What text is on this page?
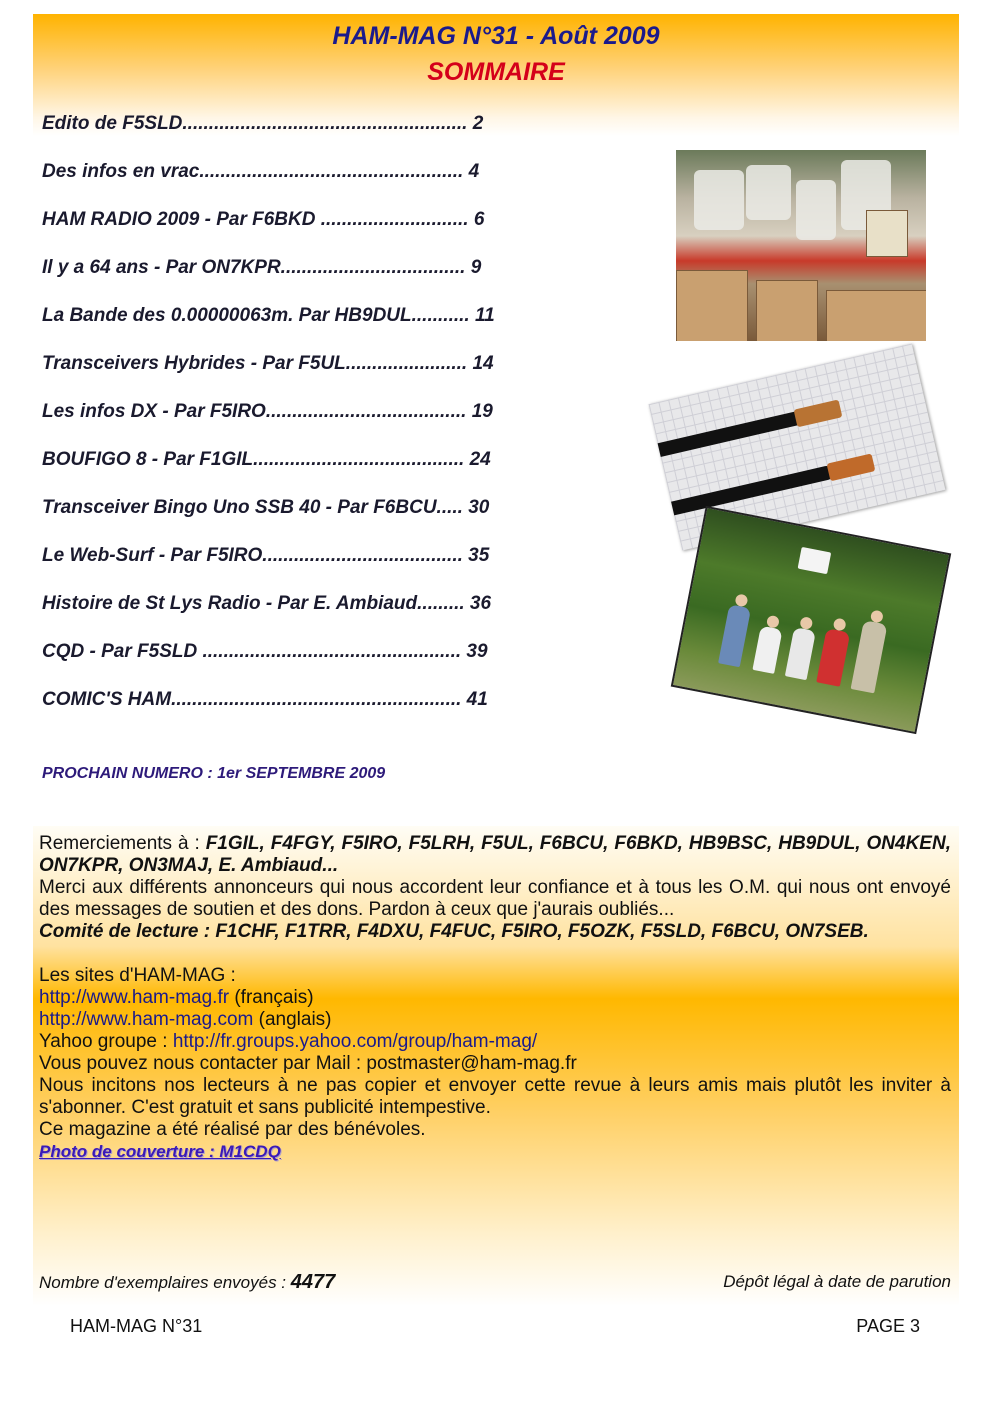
HAM-MAG N°31 - Août 2009
SOMMAIRE
Edito de F5SLD...................................................... 2
Des infos en vrac.................................................. 4
HAM RADIO 2009 - Par F6BKD ............................ 6
Il y a 64 ans - Par ON7KPR................................... 9
La Bande des 0.00000063m. Par HB9DUL........... 11
Transceivers Hybrides - Par F5UL....................... 14
Les infos DX - Par F5IRO...................................... 19
BOUFIGO 8 - Par F1GIL........................................ 24
Transceiver Bingo Uno SSB 40 - Par F6BCU..... 30
Le Web-Surf - Par F5IRO...................................... 35
Histoire de St Lys Radio - Par E. Ambiaud......... 36
CQD - Par F5SLD ................................................. 39
COMIC'S HAM....................................................... 41
PROCHAIN NUMERO : 1er SEPTEMBRE 2009

Remerciements à : F1GIL, F4FGY, F5IRO, F5LRH, F5UL, F6BCU, F6BKD, HB9BSC, HB9DUL, ON4KEN, ON7KPR, ON3MAJ, E. Ambiaud...

Merci aux différents annonceurs qui nous accordent leur confiance et à tous les O.M. qui nous ont envoyé des messages de soutien et des dons. Pardon à ceux que j'aurais oubliés...

Comité de lecture : F1CHF, F1TRR, F4DXU, F4FUC, F5IRO, F5OZK, F5SLD, F6BCU, ON7SEB.

Les sites d'HAM-MAG :

http://www.ham-mag.fr (français)

http://www.ham-mag.com (anglais)

Yahoo groupe : http://fr.groups.yahoo.com/group/ham-mag/

Vous pouvez nous contacter par Mail : postmaster@ham-mag.fr

Nous incitons nos lecteurs à ne pas copier et envoyer cette revue à leurs amis mais plutôt les inviter à s'abonner. C'est gratuit et sans publicité intempestive.

Ce magazine a été réalisé par des bénévoles.

Photo de couverture : M1CDQ

Nombre d'exemplaires envoyés : 4477	Dépôt légal à date de parution
HAM-MAG N°31	PAGE 3
